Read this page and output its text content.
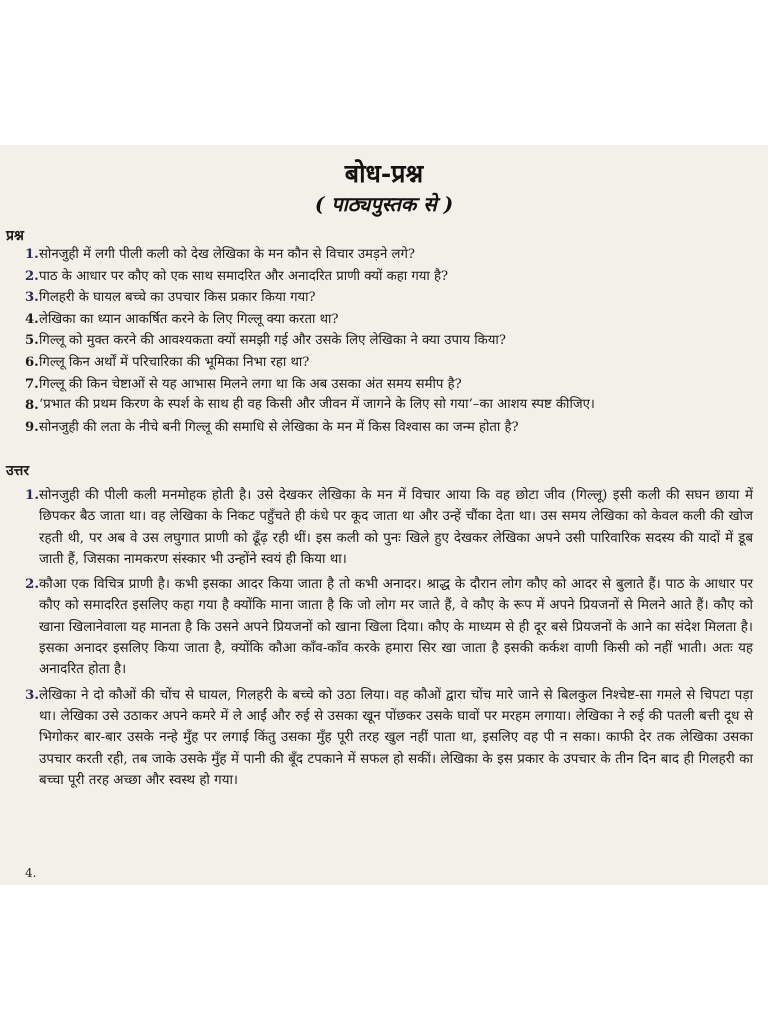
बोध-प्रश्न
( पाठ्यपुस्तक से )
प्रश्न
1. सोनजुही में लगी पीली कली को देख लेखिका के मन कौन से विचार उमड़ने लगे?
2. पाठ के आधार पर कौए को एक साथ समादरित और अनादरित प्राणी क्यों कहा गया है?
3. गिलहरी के घायल बच्चे का उपचार किस प्रकार किया गया?
4. लेखिका का ध्यान आकर्षित करने के लिए गिल्लू क्या करता था?
5. गिल्लू को मुक्त करने की आवश्यकता क्यों समझी गई और उसके लिए लेखिका ने क्या उपाय किया?
6. गिल्लू किन अर्थों में परिचारिका की भूमिका निभा रहा था?
7. गिल्लू की किन चेष्टाओं से यह आभास मिलने लगा था कि अब उसका अंत समय समीप है?
8. ‘प्रभात की प्रथम किरण के स्पर्श के साथ ही वह किसी और जीवन में जागने के लिए सो गया’–का आशय स्पष्ट कीजिए।
9. सोनजुही की लता के नीचे बनी गिल्लू की समाधि से लेखिका के मन में किस विश्वास का जन्म होता है?
उत्तर
1. सोनजुही की पीली कली मनमोहक होती है। उसे देखकर लेखिका के मन में विचार आया कि वह छोटा जीव (गिल्लू) इसी कली की सघन छाया में छिपकर बैठ जाता था। वह लेखिका के निकट पहुँचते ही कंधे पर कूद जाता था और उन्हें चौंका देता था। उस समय लेखिका को केवल कली की खोज रहती थी, पर अब वे उस लघुगात प्राणी को ढूँढ़ रही थीं। इस कली को पुनः खिले हुए देखकर लेखिका अपने उसी पारिवारिक सदस्य की यादों में डूब जाती हैं, जिसका नामकरण संस्कार भी उन्होंने स्वयं ही किया था।
2. कौआ एक विचित्र प्राणी है। कभी इसका आदर किया जाता है तो कभी अनादर। श्राद्ध के दौरान लोग कौए को आदर से बुलाते हैं। पाठ के आधार पर कौए को समादरित इसलिए कहा गया है क्योंकि माना जाता है कि जो लोग मर जाते हैं, वे कौए के रूप में अपने प्रियजनों से मिलने आते हैं। कौए को खाना खिलानेवाला यह मानता है कि उसने अपने प्रियजनों को खाना खिला दिया। कौए के माध्यम से ही दूर बसे प्रियजनों के आने का संदेश मिलता है। इसका अनादर इसलिए किया जाता है, क्योंकि कौआ काँव-काँव करके हमारा सिर खा जाता है इसकी कर्कश वाणी किसी को नहीं भाती। अतः यह अनादरित होता है।
3. लेखिका ने दो कौओं की चोंच से घायल, गिलहरी के बच्चे को उठा लिया। वह कौओं द्वारा चोंच मारे जाने से बिलकुल निश्चेष्ट-सा गमले से चिपटा पड़ा था। लेखिका उसे उठाकर अपने कमरे में ले आईं और रुई से उसका खून पोंछकर उसके घावों पर मरहम लगाया। लेखिका ने रुई की पतली बत्ती दूध से भिगोकर बार-बार उसके नन्हे मुँह पर लगाई किंतु उसका मुँह पूरी तरह खुल नहीं पाता था, इसलिए वह पी न सका। काफी देर तक लेखिका उसका उपचार करती रही, तब जाके उसके मुँह में पानी की बूँद टपकाने में सफल हो सकीं। लेखिका के इस प्रकार के उपचार के तीन दिन बाद ही गिलहरी का बच्चा पूरी तरह अच्छा और स्वस्थ हो गया।
4.
